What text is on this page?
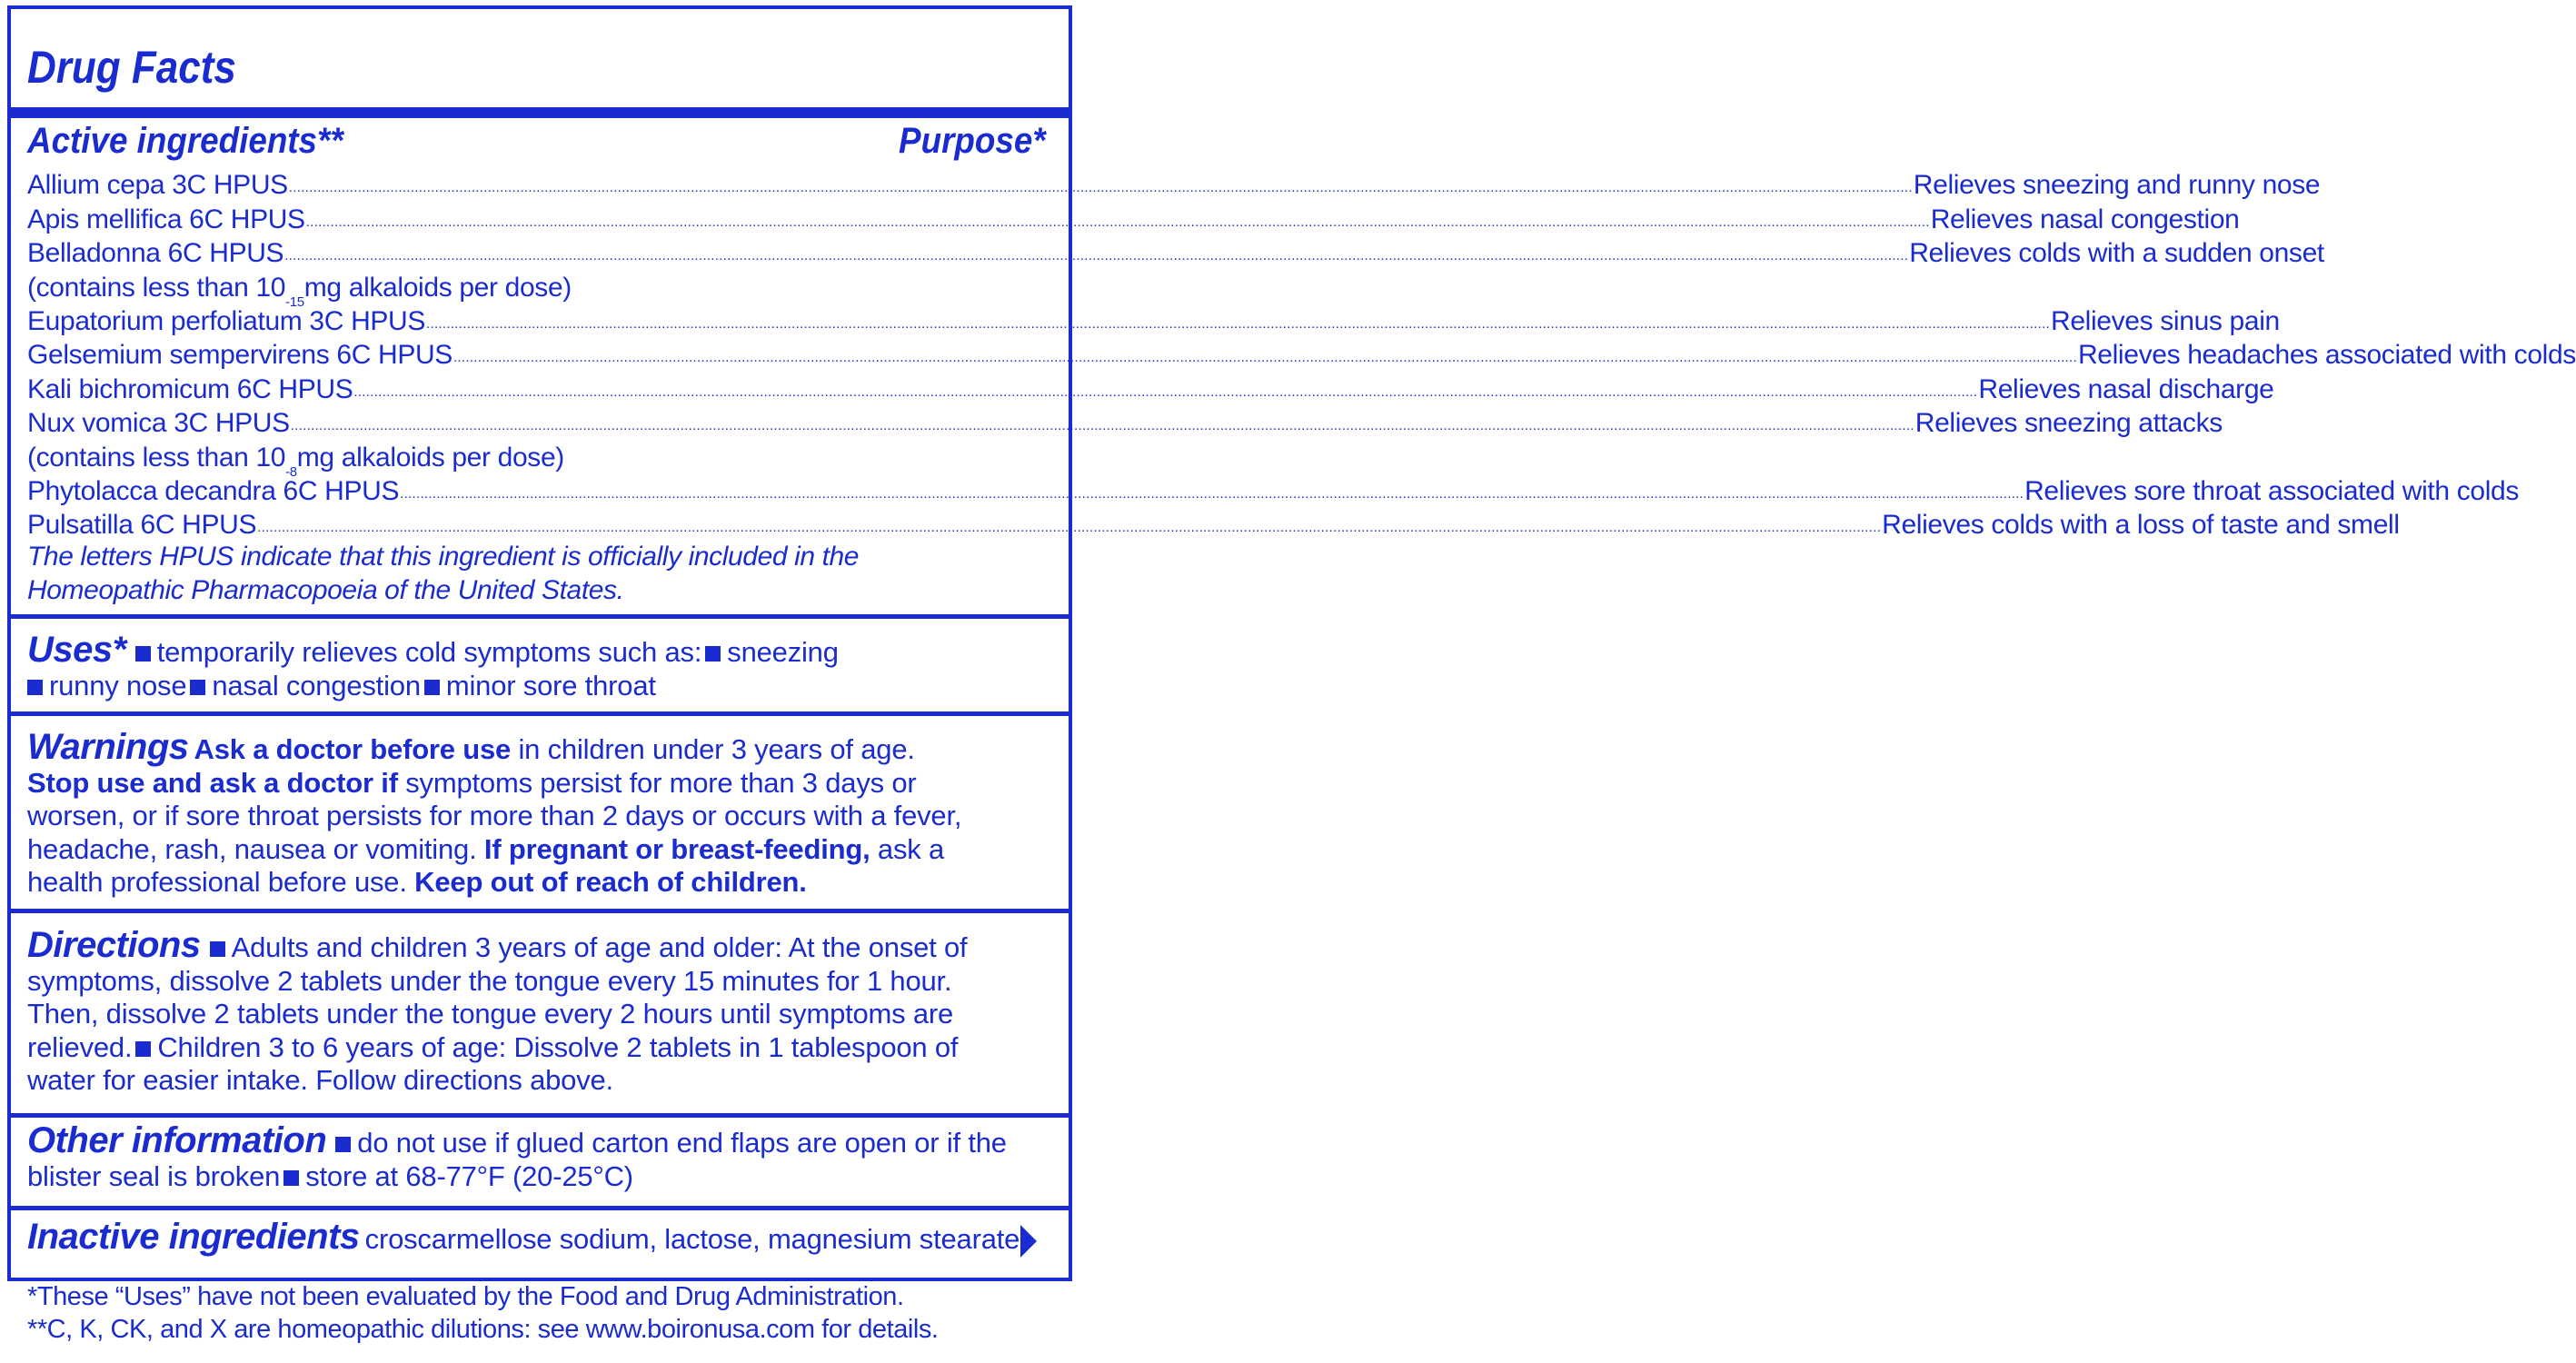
Drug Facts
Active ingredients**	Purpose*
Allium cepa 3C HPUS ................................................................................................................................................................................................................................................................................................................................................................................................................ Relieves sneezing and runny nose
Apis mellifica 6C HPUS ................................................................................................................................................................................................................................................................................................................................................................................................................ Relieves nasal congestion
Belladonna 6C HPUS ................................................................................................................................................................................................................................................................................................................................................................................................................ Relieves colds with a sudden onset
(contains less than $10^{-15}$ mg alkaloids per dose)
Eupatorium perfoliatum 3C HPUS ................................................................................................................................................................................................................................................................................................................................................................................................................ Relieves sinus pain
Gelsemium sempervirens 6C HPUS ................................................................................................................................................................................................................................................................................................................................................................................................................ Relieves headaches associated with colds
Kali bichromicum 6C HPUS ................................................................................................................................................................................................................................................................................................................................................................................................................ Relieves nasal discharge
Nux vomica 3C HPUS ................................................................................................................................................................................................................................................................................................................................................................................................................ Relieves sneezing attacks
(contains less than $10^{-8}$ mg alkaloids per dose)
Phytolacca decandra 6C HPUS ................................................................................................................................................................................................................................................................................................................................................................................................................ Relieves sore throat associated with colds
Pulsatilla 6C HPUS ................................................................................................................................................................................................................................................................................................................................................................................................................ Relieves colds with a loss of taste and smell
The letters HPUS indicate that this ingredient is officially included in the
Homeopathic Pharmacopoeia of the United States.
Uses* temporarily relieves cold symptoms such as: sneezing
runny nose nasal congestion minor sore throat
Warnings Ask a doctor before use in children under 3 years of age.
Stop use and ask a doctor if symptoms persist for more than 3 days or
worsen, or if sore throat persists for more than 2 days or occurs with a fever,
headache, rash, nausea or vomiting. If pregnant or breast-feeding, ask a
health professional before use. Keep out of reach of children.
Directions Adults and children 3 years of age and older: At the onset of
symptoms, dissolve 2 tablets under the tongue every 15 minutes for 1 hour.
Then, dissolve 2 tablets under the tongue every 2 hours until symptoms are
relieved. Children 3 to 6 years of age: Dissolve 2 tablets in 1 tablespoon of
water for easier intake. Follow directions above.
Other information do not use if glued carton end flaps are open or if the
blister seal is broken store at 68-77°F (20-25°C)
Inactive ingredients croscarmellose sodium, lactose, magnesium stearate
*These “Uses” have not been evaluated by the Food and Drug Administration.
**C, K, CK, and X are homeopathic dilutions: see www.boironusa.com for details.
